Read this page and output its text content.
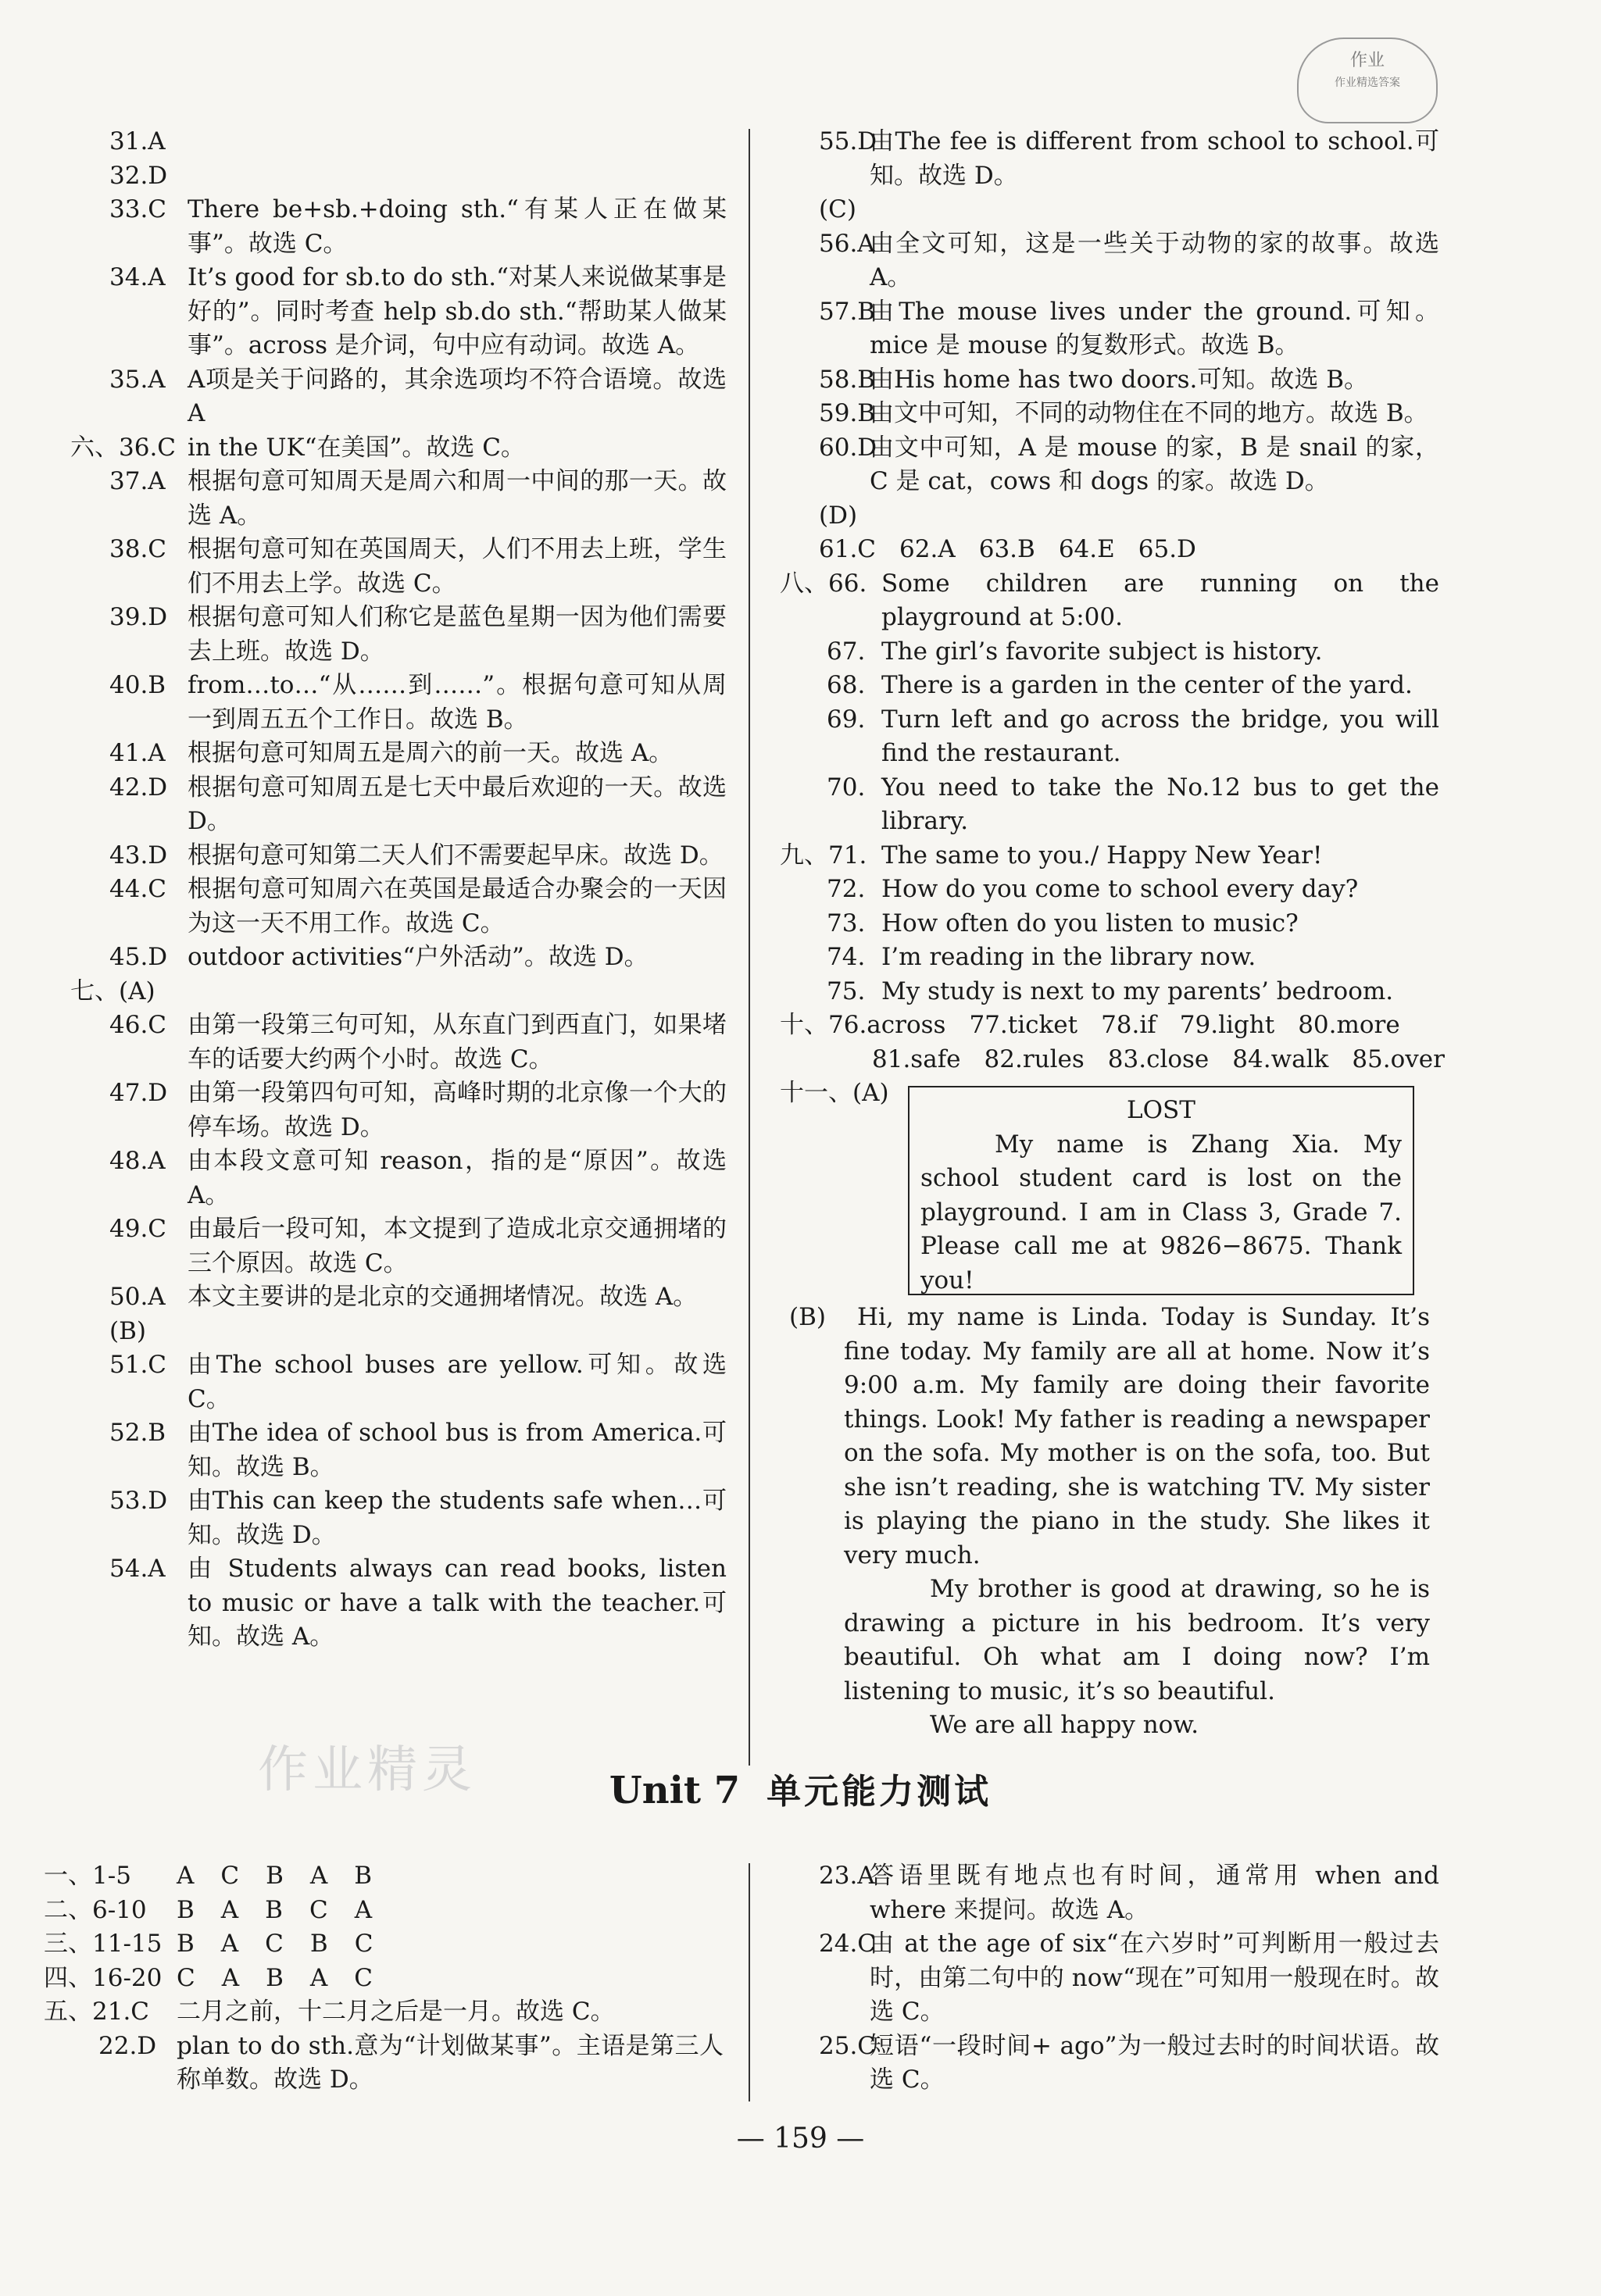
作业
作业精选答案
作业精灵
31.A
32.D
33.C There be+sb.+doing sth.“有某人正在做某事”。故选 C。
34.A It’s good for sb.to do sth.“对某人来说做某事是好的”。同时考查 help sb.do sth.“帮助某人做某事”。across 是介词，句中应有动词。故选 A。
35.A A项是关于问路的，其余选项均不符合语境。故选 A
六、36.C in the UK“在美国”。故选 C。
37.A 根据句意可知周天是周六和周一中间的那一天。故选 A。
38.C 根据句意可知在英国周天，人们不用去上班，学生们不用去上学。故选 C。
39.D 根据句意可知人们称它是蓝色星期一因为他们需要去上班。故选 D。
40.B from…to…“从……到……”。根据句意可知从周一到周五五个工作日。故选 B。
41.A 根据句意可知周五是周六的前一天。故选 A。
42.D 根据句意可知周五是七天中最后欢迎的一天。故选 D。
43.D 根据句意可知第二天人们不需要起早床。故选 D。
44.C 根据句意可知周六在英国是最适合办聚会的一天因为这一天不用工作。故选 C。
45.D outdoor activities“户外活动”。故选 D。
七、(A)
46.C 由第一段第三句可知，从东直门到西直门，如果堵车的话要大约两个小时。故选 C。
47.D 由第一段第四句可知，高峰时期的北京像一个大的停车场。故选 D。
48.A 由本段文意可知 reason，指的是“原因”。故选 A。
49.C 由最后一段可知，本文提到了造成北京交通拥堵的三个原因。故选 C。
50.A 本文主要讲的是北京的交通拥堵情况。故选 A。
(B)
51.C 由The school buses are yellow.可知。故选 C。
52.B 由The idea of school bus is from America.可知。故选 B。
53.D 由This can keep the students safe when…可知。故选 D。
54.A 由 Students always can read books, listen to music or have a talk with the teacher.可知。故选 A。
55.D
由The fee is different from school to school.可知。故选 D。
(C)
56.A
由全文可知，这是一些关于动物的家的故事。故选 A。
57.B
由The mouse lives under the ground.可知。mice 是 mouse 的复数形式。故选 B。
58.B
由His home has two doors.可知。故选 B。
59.B
由文中可知，不同的动物住在不同的地方。故选 B。
60.D
由文中可知，A 是 mouse 的家，B 是 snail 的家，C 是 cat，cows 和 dogs 的家。故选 D。
(D)
61.C 62.A 63.B 64.E 65.D
八、66. Some children are running on the playground at 5:00.
67. The girl’s favorite subject is history.
68. There is a garden in the center of the yard.
69. Turn left and go across the bridge, you will find the restaurant.
70. You need to take the No.12 bus to get the library.
九、71. The same to you./ Happy New Year!
72. How do you come to school every day?
73. How often do you listen to music?
74. I’m reading in the library now.
75. My study is next to my parents’ bedroom.
十、76.across 77.ticket 78.if 79.light 80.more
81.safe 82.rules 83.close 84.walk 85.over
十一、(A)
LOST
My name is Zhang Xia. My school student card is lost on the playground. I am in Class 3, Grade 7. Please call me at 9826−8675. Thank you!
(B) Hi, my name is Linda. Today is Sunday. It’s fine today. My family are all at home. Now it’s 9:00 a.m. My family are doing their favorite things. Look! My father is reading a newspaper on the sofa. My mother is on the sofa, too. But she isn’t reading, she is watching TV. My sister is playing the piano in the study. She likes it very much.
My brother is good at drawing, so he is drawing a picture in his bedroom. It’s very beautiful. Oh what am I doing now? I’m listening to music, it’s so beautiful.
We are all happy now.
Unit 7 单元能力测试
一、1-5	A C B A B
二、6-10	B A B C A
三、11-15 B A C B C
四、16-20 C A B A C
五、21.C	二月之前，十二月之后是一月。故选 C。
22.D plan to do sth.意为“计划做某事”。主语是第三人称单数。故选 D。
23.A
答语里既有地点也有时间，通常用 when and where 来提问。故选 A。
24.C
由 at the age of six“在六岁时”可判断用一般过去时，由第二句中的 now“现在”可知用一般现在时。故选 C。
25.C
短语“一段时间+ ago”为一般过去时的时间状语。故选 C。
— 159 —
